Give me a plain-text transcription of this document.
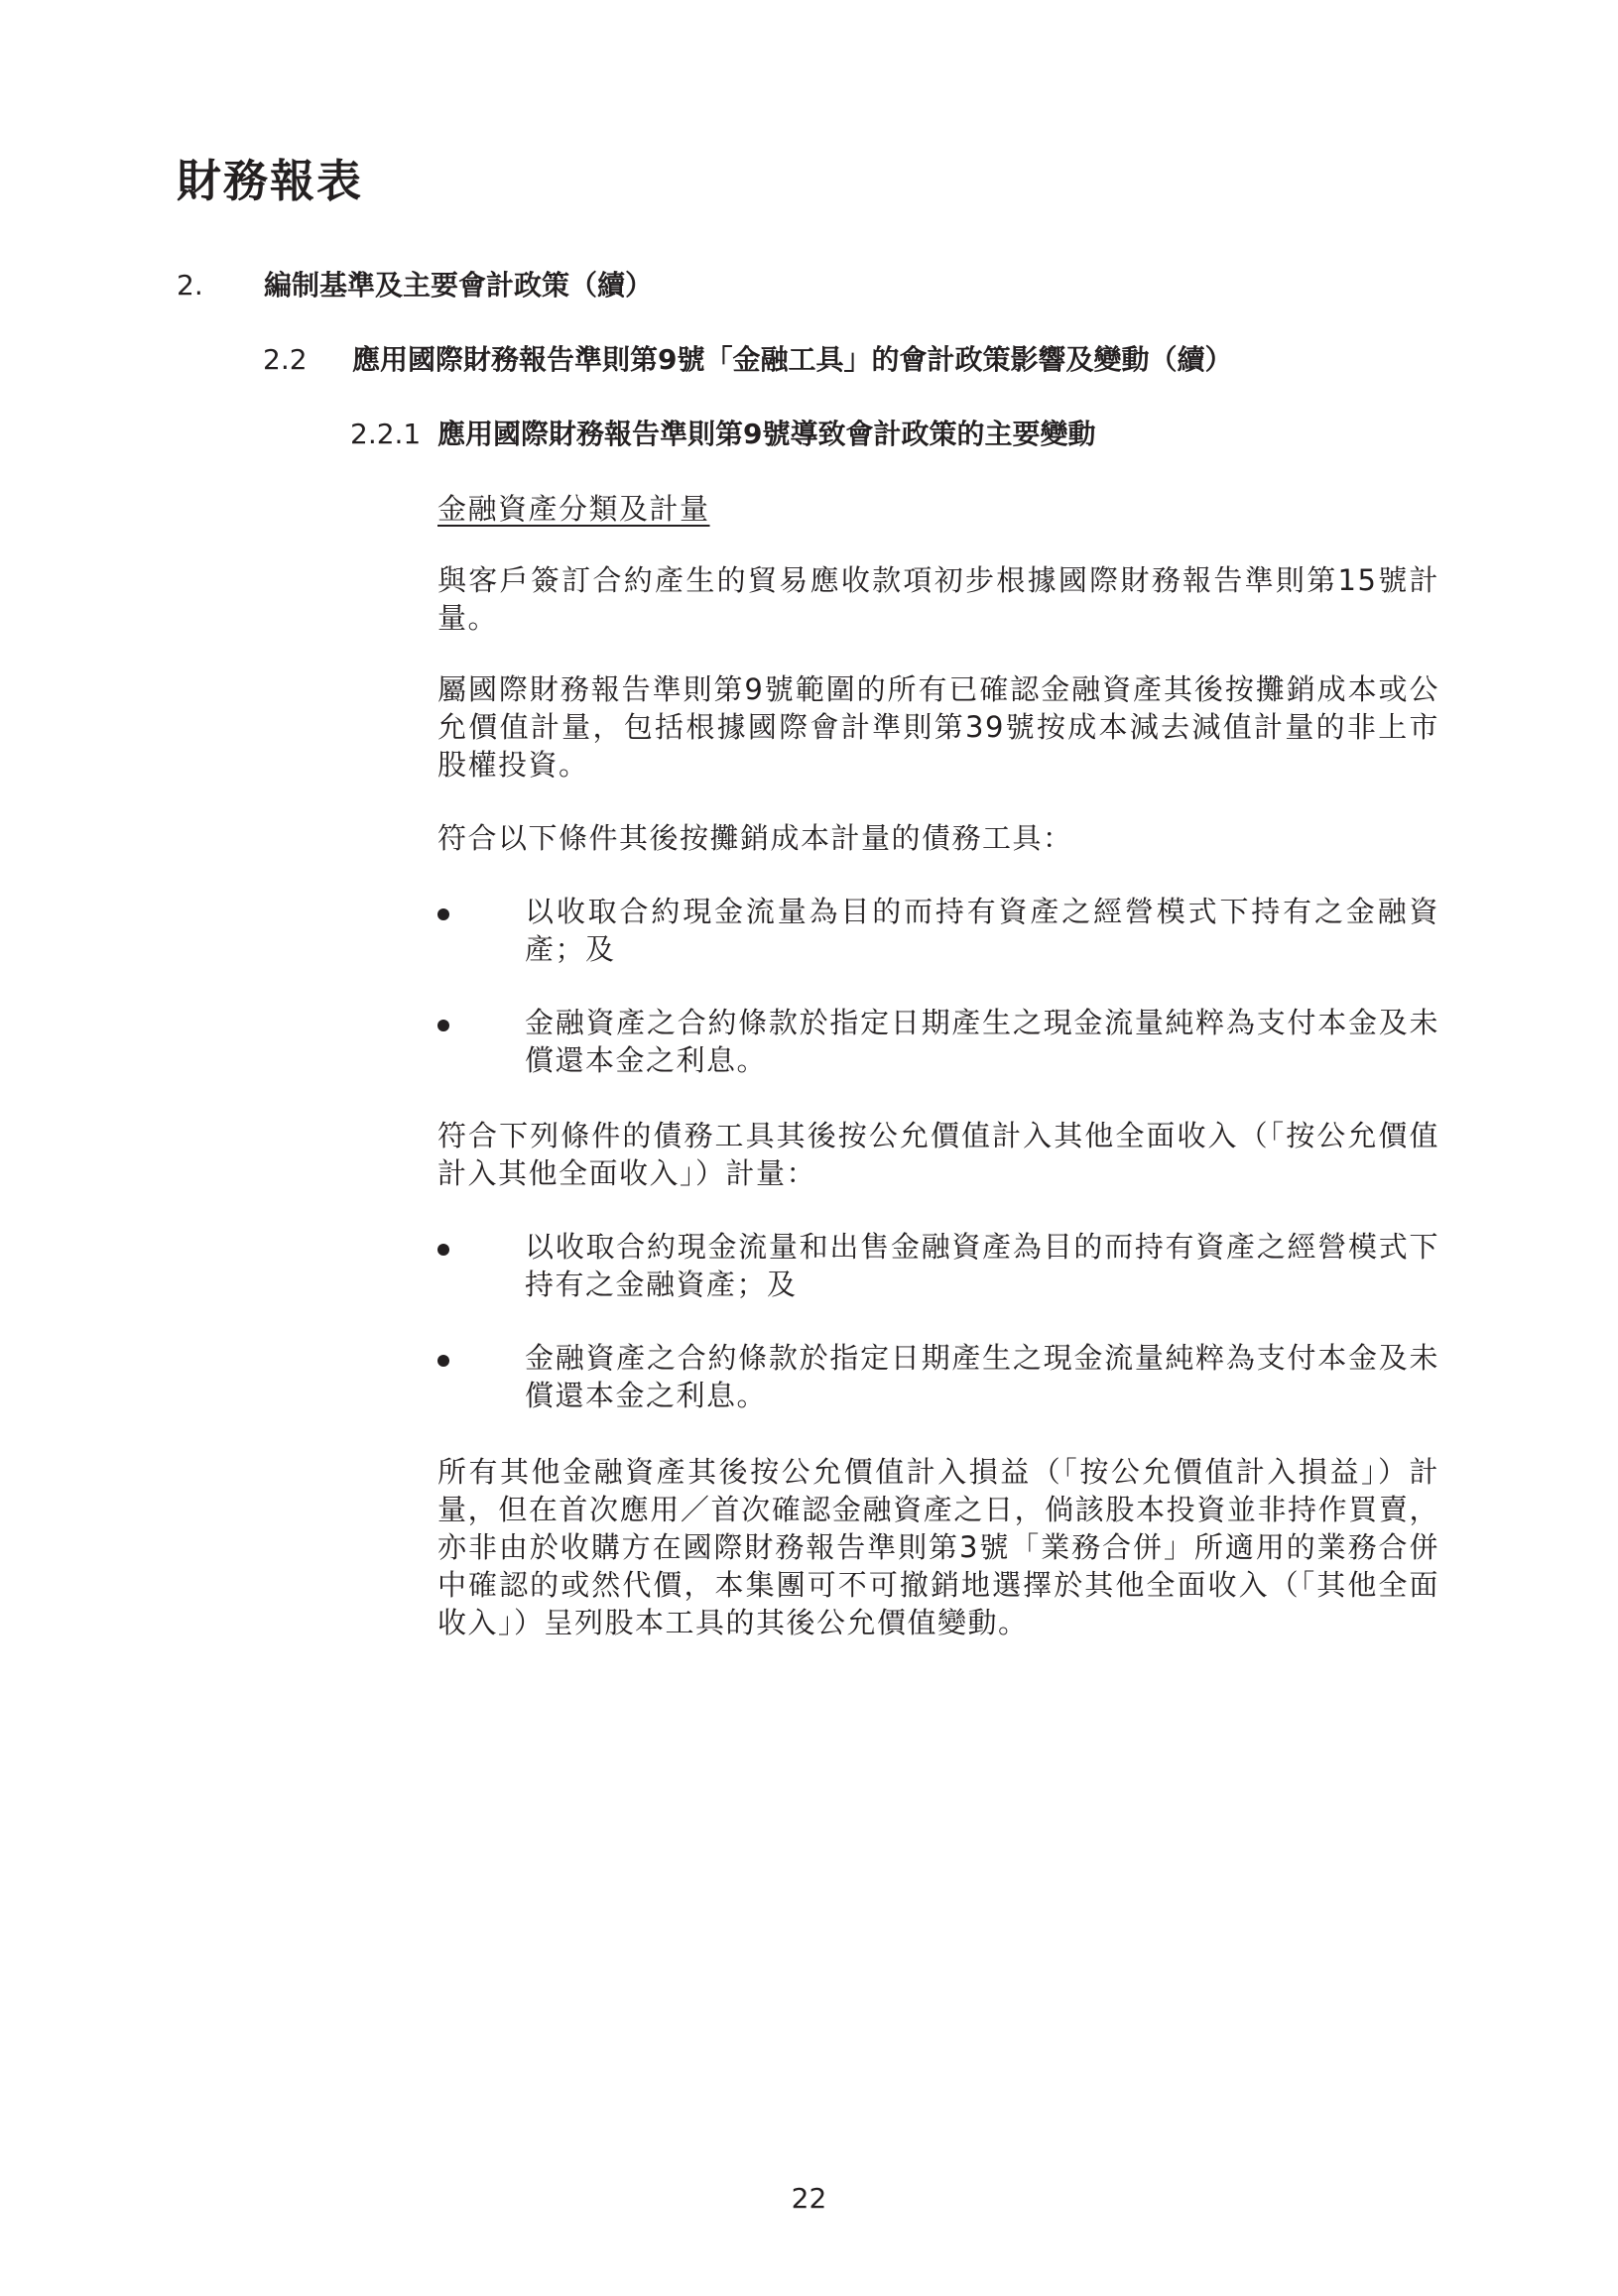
財務報表
2. 編制基準及主要會計政策（續）
2.2 應用國際財務報告準則第9號「金融工具」的會計政策影響及變動（續）
2.2.1 應用國際財務報告準則第9號導致會計政策的主要變動
金融資產分類及計量
與客戶簽訂合約產生的貿易應收款項初步根據國際財務報告準則第15號計量。
屬國際財務報告準則第9號範圍的所有已確認金融資產其後按攤銷成本或公允價值計量，包括根據國際會計準則第39號按成本減去減值計量的非上市股權投資。
符合以下條件其後按攤銷成本計量的債務工具：
以收取合約現金流量為目的而持有資產之經營模式下持有之金融資產；及
金融資產之合約條款於指定日期產生之現金流量純粹為支付本金及未償還本金之利息。
符合下列條件的債務工具其後按公允價值計入其他全面收入（「按公允價值計入其他全面收入」）計量：
以收取合約現金流量和出售金融資產為目的而持有資產之經營模式下持有之金融資產；及
金融資產之合約條款於指定日期產生之現金流量純粹為支付本金及未償還本金之利息。
所有其他金融資產其後按公允價值計入損益（「按公允價值計入損益」）計量，但在首次應用／首次確認金融資產之日，倘該股本投資並非持作買賣，亦非由於收購方在國際財務報告準則第3號「業務合併」所適用的業務合併中確認的或然代價，本集團可不可撤銷地選擇於其他全面收入（「其他全面收入」）呈列股本工具的其後公允價值變動。
22
